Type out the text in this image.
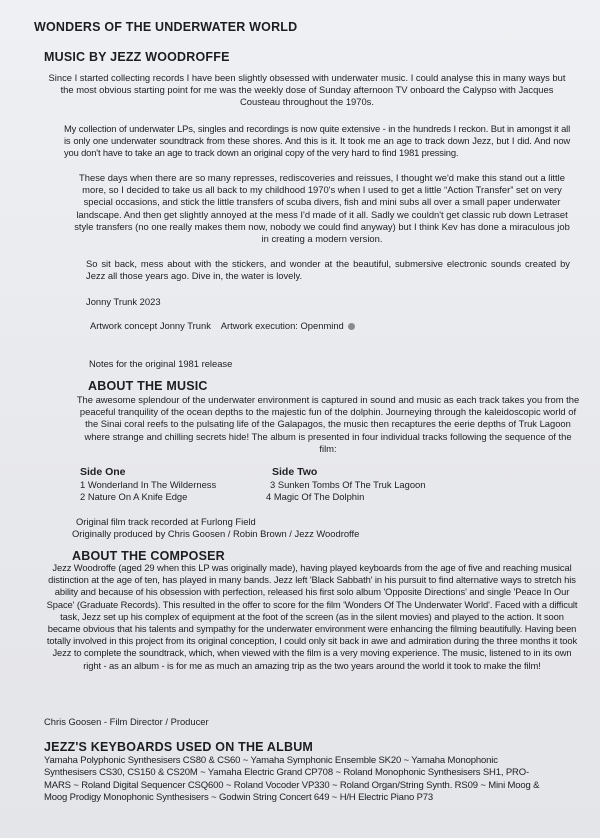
WONDERS OF THE UNDERWATER WORLD
MUSIC BY JEZZ WOODROFFE

Since I started collecting records I have been slightly obsessed with underwater music. I could analyse this in many ways but the most obvious starting point for me was the weekly dose of Sunday afternoon TV onboard the Calypso with Jacques Cousteau throughout the 1970s.

My collection of underwater LPs, singles and recordings is now quite extensive - in the hundreds I reckon. But in amongst it all is only one underwater soundtrack from these shores. And this is it. It took me an age to track down Jezz, but I did. And now you don't have to take an age to track down an original copy of the very hard to find 1981 pressing.

These days when there are so many represses, rediscoveries and reissues, I thought we'd make this stand out a little more, so I decided to take us all back to my childhood 1970's when I used to get a little “Action Transfer” set on very special occasions, and stick the little transfers of scuba divers, fish and mini subs all over a small paper underwater landscape. And then get slightly annoyed at the mess I'd made of it all. Sadly we couldn't get classic rub down Letraset style transfers (no one really makes them now, nobody we could find anyway) but I think Kev has done a miraculous job in creating a modern version.

So sit back, mess about with the stickers, and wonder at the beautiful, submersive electronic sounds created by Jezz all those years ago. Dive in, the water is lovely.

Jonny Trunk 2023
Artwork concept Jonny Trunk    Artwork execution: Openmind
Notes for the original 1981 release
ABOUT THE MUSIC

The awesome splendour of the underwater environment is captured in sound and music as each track takes you from the peaceful tranquility of the ocean depths to the majestic fun of the dolphin. Journeying through the kaleidoscopic world of the Sinai coral reefs to the pulsating life of the Galapagos, the music then recaptures the eerie depths of Truk Lagoon where strange and chilling secrets hide! The album is presented in four individual tracks following the sequence of the film:

Side One	Side Two
1 Wonderland In The Wilderness
2 Nature On A Knife Edge
3 Sunken Tombs Of The Truk Lagoon
4 Magic Of The Dolphin
Original film track recorded at Furlong Field
Originally produced by Chris Goosen / Robin Brown / Jezz Woodroffe
ABOUT THE COMPOSER

Jezz Woodroffe (aged 29 when this LP was originally made), having played keyboards from the age of five and reaching musical distinction at the age of ten, has played in many bands. Jezz left 'Black Sabbath' in his pursuit to find alternative ways to stretch his ability and because of his obsession with perfection, released his first solo album 'Opposite Directions' and single 'Peace In Our Space' (Graduate Records). This resulted in the offer to score for the film 'Wonders Of The Underwater World'. Faced with a difficult task, Jezz set up his complex of equipment at the foot of the screen (as in the silent movies) and played to the action. It soon became obvious that his talents and sympathy for the underwater environment were enhancing the filming beautifully. Having been totally involved in this project from its original conception, I could only sit back in awe and admiration during the three months it took Jezz to complete the soundtrack, which, when viewed with the film is a very moving experience. The music, listened to in its own right - as an album - is for me as much an amazing trip as the two years around the world it took to make the film!

Chris Goosen - Film Director / Producer
JEZZ'S KEYBOARDS USED ON THE ALBUM

Yamaha Polyphonic Synthesisers CS80 & CS60 ~ Yamaha Symphonic Ensemble SK20 ~ Yamaha Monophonic Synthesisers CS30, CS150 & CS20M ~ Yamaha Electric Grand CP708 ~ Roland Monophonic Synthesisers SH1, PRO-MARS ~ Roland Digital Sequencer CSQ600 ~ Roland Vocoder VP330 ~ Roland Organ/String Synth. RS09 ~ Mini Moog & Moog Prodigy Monophonic Synthesisers ~ Godwin String Concert 649 ~ H/H Electric Piano P73
